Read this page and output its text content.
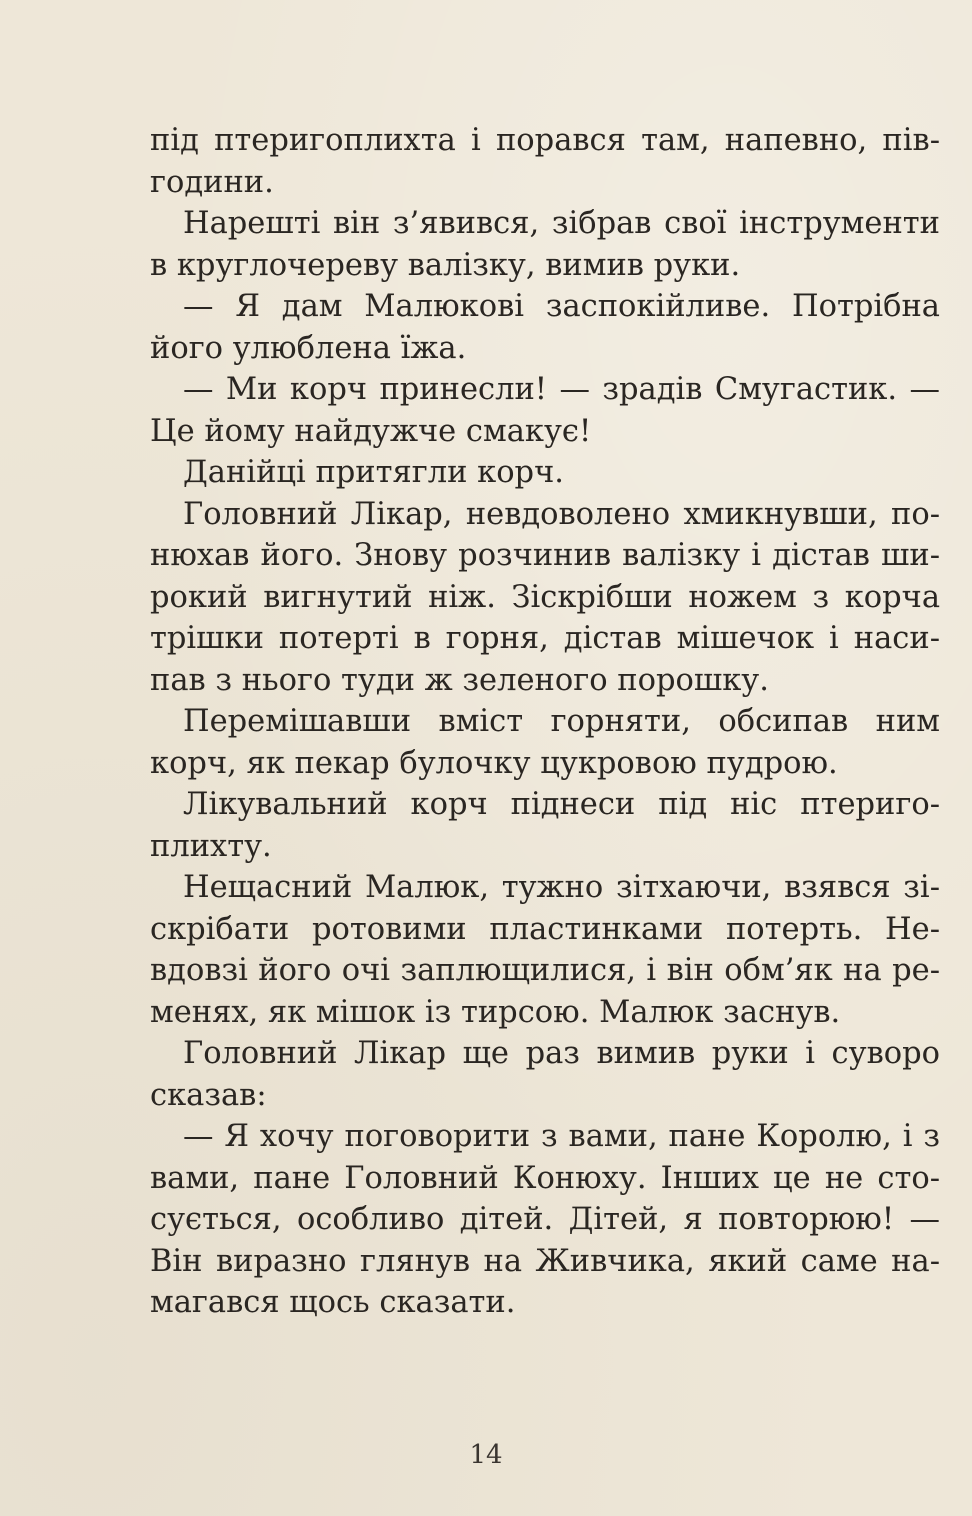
під птеригоплихта і порався там, напевно, півгодини.

Нарешті він з’явився, зібрав свої інструменти в круглочереву валізку, вимив руки.

— Я дам Малюкові заспокійливе. Потрібна його улюблена їжа.

— Ми корч принесли! — зрадів Смугастик. — Це йому найдужче смакує!

Данійці притягли корч.

Головний Лікар, невдоволено хмикнувши, понюхав його. Знову розчинив валізку і дістав широкий вигнутий ніж. Зіскрібши ножем з корча трішки потерті в горня, дістав мішечок і насипав з нього туди ж зеленого порошку.

Перемішавши вміст горняти, обсипав ним корч, як пекар булочку цукровою пудрою.

Лікувальний корч піднеси під ніс птеригоплихту.

Нещасний Малюк, тужно зітхаючи, взявся зіскрібати ротовими пластинками потерть. Невдовзі його очі заплющилися, і він обм’як на ременях, як мішок із тирсою. Малюк заснув.

Головний Лікар ще раз вимив руки і суворо сказав:

— Я хочу поговорити з вами, пане Королю, і з вами, пане Головний Конюху. Інших це не стосується, особливо дітей. Дітей, я повторюю! — Він виразно глянув на Живчика, який саме намагався щось сказати.

14
